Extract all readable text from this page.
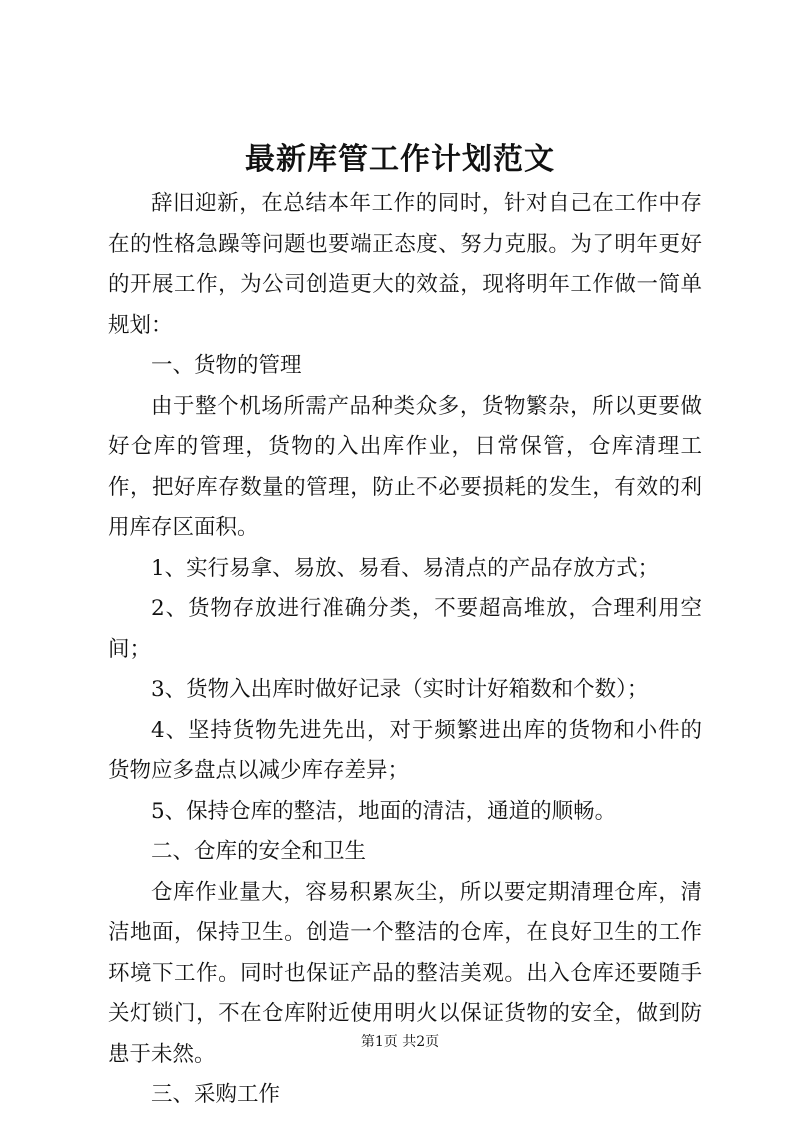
最新库管工作计划范文

辞旧迎新，在总结本年工作的同时，针对自己在工作中存在的性格急躁等问题也要端正态度、努力克服。为了明年更好的开展工作，为公司创造更大的效益，现将明年工作做一简单规划：

一、货物的管理

由于整个机场所需产品种类众多，货物繁杂，所以更要做好仓库的管理，货物的入出库作业，日常保管，仓库清理工作，把好库存数量的管理，防止不必要损耗的发生，有效的利用库存区面积。

1、实行易拿、易放、易看、易清点的产品存放方式；

2、货物存放进行准确分类，不要超高堆放，合理利用空间；

3、货物入出库时做好记录（实时计好箱数和个数）；

4、坚持货物先进先出，对于频繁进出库的货物和小件的货物应多盘点以减少库存差异；

5、保持仓库的整洁，地面的清洁，通道的顺畅。

二、仓库的安全和卫生

仓库作业量大，容易积累灰尘，所以要定期清理仓库，清洁地面，保持卫生。创造一个整洁的仓库，在良好卫生的工作环境下工作。同时也保证产品的整洁美观。出入仓库还要随手关灯锁门，不在仓库附近使用明火以保证货物的安全，做到防患于未然。

三、采购工作

第1页 共2页
